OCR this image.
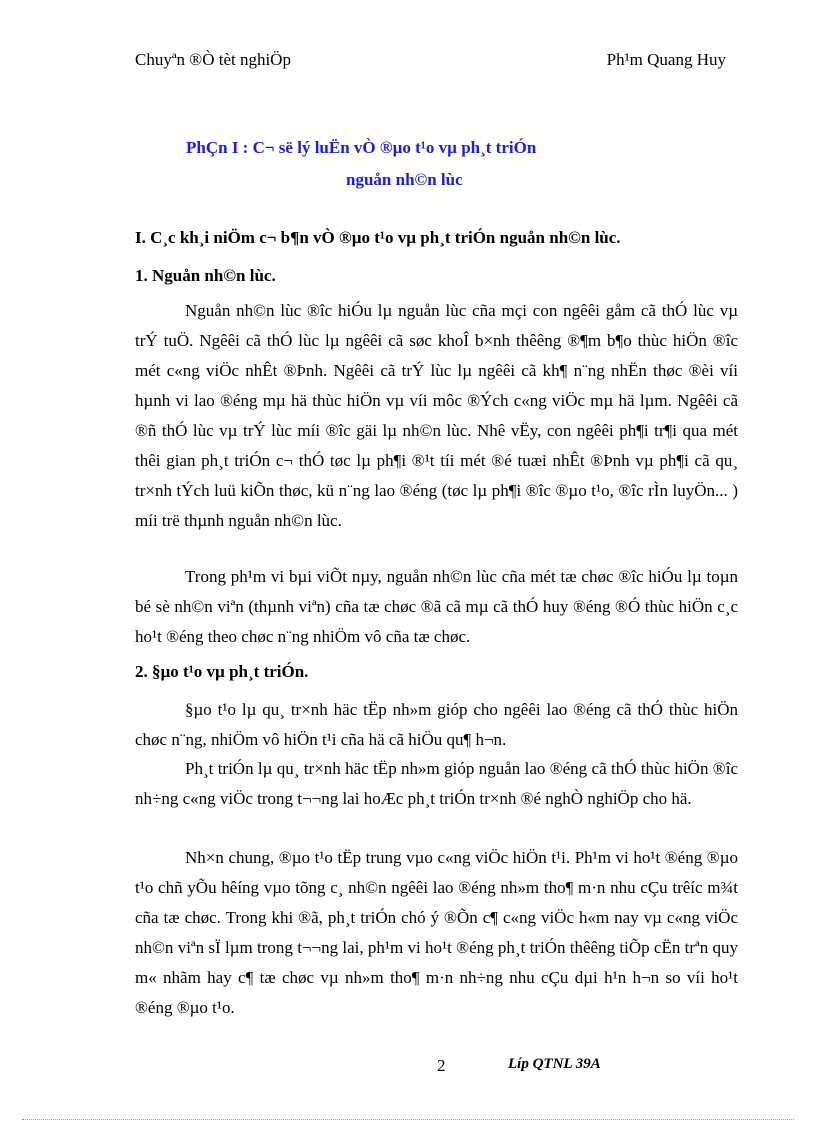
Chuyªn ®Ò tèt nghiÖp	Ph¹m Quang Huy
PhÇn I : C¬ së lý luËn vÒ ®µo t¹o vµ ph¸t triÓn
nguån nh©n lùc
I. C¸c kh¸i niÖm c¬ b¶n vÒ ®µo t¹o vµ ph¸t triÓn nguån nh©n lùc.
1. Nguån nh©n lùc.

Nguån nh©n lùc ®îc hiÓu lµ nguån lùc cña mçi con ngêêi gåm cã thÓ lùc vµ trÝ tuÖ. Ngêêi cã thÓ lùc lµ ngêêi cã søc khoÎ b×nh thêêng ®¶m b¶o thùc hiÖn ®îc mét c«ng viÖc nhÊt ®Þnh. Ngêêi cã trÝ lùc lµ ngêêi cã kh¶ n¨ng nhËn thøc ®èi víi hµnh vi lao ®éng mµ hä thùc hiÖn vµ víi môc ®Ých c«ng viÖc mµ hä lµm. Ngêêi cã ®ñ thÓ lùc vµ trÝ lùc míi ®îc gäi lµ nh©n lùc. Nhê vËy, con ngêêi ph¶i tr¶i qua mét thêi gian ph¸t triÓn c¬ thÓ tøc lµ ph¶i ®¹t tíi mét ®é tuæi nhÊt ®Þnh vµ ph¶i cã qu¸ tr×nh tÝch luü kiÕn thøc, kü n¨ng lao ®éng (tøc lµ ph¶i ®îc ®µo t¹o, ®îc rÌn luyÖn... ) míi trë thµnh nguån nh©n lùc.

Trong ph¹m vi bµi viÕt nµy, nguån nh©n lùc cña mét tæ chøc ®îc hiÓu lµ toµn bé sè nh©n viªn (thµnh viªn) cña tæ chøc ®ã cã mµ cã thÓ huy ®éng ®Ó thùc hiÖn c¸c ho¹t ®éng theo chøc n¨ng nhiÖm vô cña tæ chøc.

2. §µo t¹o vµ ph¸t triÓn.

§µo t¹o lµ qu¸ tr×nh häc tËp nh»m gióp cho ngêêi lao ®éng cã thÓ thùc hiÖn chøc n¨ng, nhiÖm vô hiÖn t¹i cña hä cã hiÖu qu¶ h¬n.

Ph¸t triÓn lµ qu¸ tr×nh häc tËp nh»m gióp nguån lao ®éng cã thÓ thùc hiÖn ®îc nh÷ng c«ng viÖc trong t¬¬ng lai hoÆc ph¸t triÓn tr×nh ®é nghÒ nghiÖp cho hä.

Nh×n chung, ®µo t¹o tËp trung vµo c«ng viÖc hiÖn t¹i. Ph¹m vi ho¹t ®éng ®µo t¹o chñ yÕu hêíng vµo tõng c¸ nh©n ngêêi lao ®éng nh»m tho¶ m·n nhu cÇu trêíc m¾t cña tæ chøc. Trong khi ®ã, ph¸t triÓn chó ý ®Õn c¶ c«ng viÖc h«m nay vµ c«ng viÖc nh©n viªn sÏ lµm trong t¬¬ng lai, ph¹m vi ho¹t ®éng ph¸t triÓn thêêng tiÕp cËn trªn quy m« nhãm hay c¶ tæ chøc vµ nh»m tho¶ m·n nh÷ng nhu cÇu dµi h¹n h¬n so víi ho¹t ®éng ®µo t¹o.

2	Líp QTNL 39A
